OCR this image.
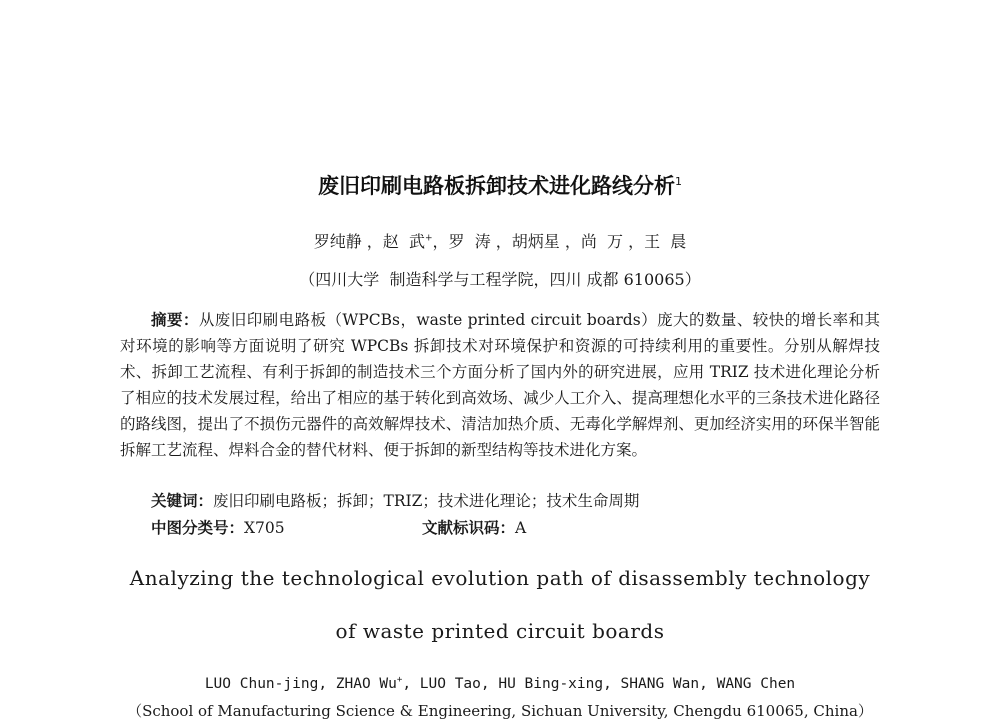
废旧印刷电路板拆卸技术进化路线分析$^1$
罗纯静 ，赵  武+，罗  涛 ，胡炳星 ，尚  万 ，王  晨
（四川大学  制造科学与工程学院，四川 成都 610065）

摘要：从废旧印刷电路板（WPCBs，waste printed circuit boards）庞大的数量、较快的增长率和其对环境的影响等方面说明了研究 WPCBs 拆卸技术对环境保护和资源的可持续利用的重要性。分别从解焊技术、拆卸工艺流程、有利于拆卸的制造技术三个方面分析了国内外的研究进展，应用 TRIZ 技术进化理论分析了相应的技术发展过程，给出了相应的基于转化到高效场、减少人工介入、提高理想化水平的三条技术进化路径的路线图，提出了不损伤元器件的高效解焊技术、清洁加热介质、无毒化学解焊剂、更加经济实用的环保半智能拆解工艺流程、焊料合金的替代材料、便于拆卸的新型结构等技术进化方案。

关键词：废旧印刷电路板；拆卸；TRIZ；技术进化理论；技术生命周期
中图分类号：X705	文献标识码：A
Analyzing the technological evolution path of disassembly technology
of waste printed circuit boards
LUO Chun-jing, ZHAO Wu+, LUO Tao, HU Bing-xing, SHANG Wan, WANG Chen
（School of Manufacturing Science & Engineering, Sichuan University, Chengdu 610065, China）
